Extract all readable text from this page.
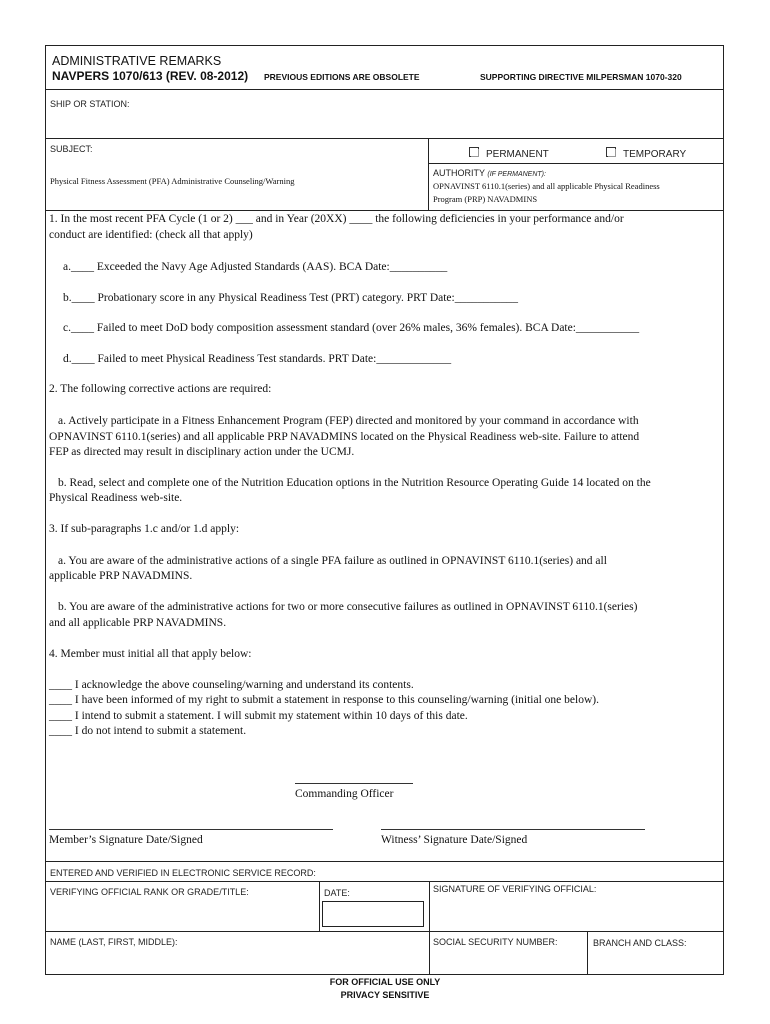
ADMINISTRATIVE REMARKS
NAVPERS 1070/613 (REV. 08-2012) PREVIOUS EDITIONS ARE OBSOLETE	SUPPORTING DIRECTIVE MILPERSMAN 1070-320
SHIP OR STATION:
SUBJECT:
Physical Fitness Assessment (PFA) Administrative Counseling/Warning
PERMANENT	TEMPORARY
AUTHORITY (IF PERMANENT):
OPNAVINST 6110.1(series) and all applicable Physical Readiness
Program (PRP) NAVADMINS
1. In the most recent PFA Cycle (1 or 2) ___ and in Year (20XX) ____ the following deficiencies in your performance and/or
conduct are identified: (check all that apply)
a.____ Exceeded the Navy Age Adjusted Standards (AAS). BCA Date:__________
b.____ Probationary score in any Physical Readiness Test (PRT) category. PRT Date:___________
c.____ Failed to meet DoD body composition assessment standard (over 26% males, 36% females). BCA Date:___________
d.____ Failed to meet Physical Readiness Test standards. PRT Date:_____________
2. The following corrective actions are required:
a. Actively participate in a Fitness Enhancement Program (FEP) directed and monitored by your command in accordance with
OPNAVINST 6110.1(series) and all applicable PRP NAVADMINS located on the Physical Readiness web-site. Failure to attend
FEP as directed may result in disciplinary action under the UCMJ.
b. Read, select and complete one of the Nutrition Education options in the Nutrition Resource Operating Guide 14 located on the
Physical Readiness web-site.
3. If sub-paragraphs 1.c and/or 1.d apply:
a. You are aware of the administrative actions of a single PFA failure as outlined in OPNAVINST 6110.1(series) and all
applicable PRP NAVADMINS.
b. You are aware of the administrative actions for two or more consecutive failures as outlined in OPNAVINST 6110.1(series)
and all applicable PRP NAVADMINS.
4. Member must initial all that apply below:
____ I acknowledge the above counseling/warning and understand its contents.
____ I have been informed of my right to submit a statement in response to this counseling/warning (initial one below).
____ I intend to submit a statement. I will submit my statement within 10 days of this date.
____ I do not intend to submit a statement.
Commanding Officer
Member’s Signature Date/Signed	Witness’ Signature Date/Signed
ENTERED AND VERIFIED IN ELECTRONIC SERVICE RECORD:
VERIFYING OFFICIAL RANK OR GRADE/TITLE:	DATE:	SIGNATURE OF VERIFYING OFFICIAL:
NAME (LAST, FIRST, MIDDLE):	SOCIAL SECURITY NUMBER:	BRANCH AND CLASS:
FOR OFFICIAL USE ONLY
PRIVACY SENSITIVE
